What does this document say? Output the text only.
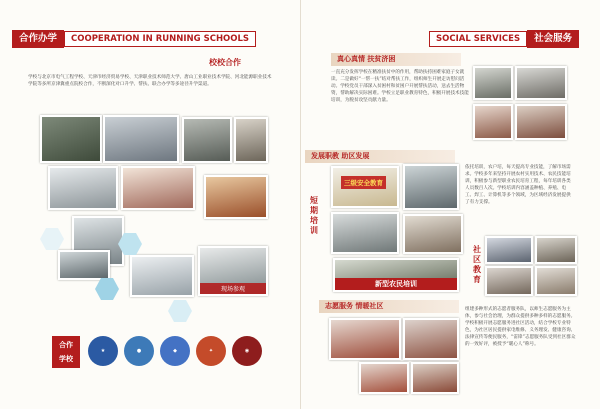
合作办学	COOPERATION IN RUNNING SCHOOLS
校校合作
学校与北京市电气工程学校、天津市经济贸易学校、天津职业技术师范大学、唐山工业职业技术学院、河北能源职业技术学院等多所京津冀重点院校合作，不断深化对口升学、帮扶、联合办学等多途径升学渠道。
现场参观
合作
学校
★	●	◆	✦	◉
SOCIAL SERVICES	社会服务
真心真情 扶贫济困
一直充分发挥学校在精准扶贫中的作用，帮助扶持困难家庭子女就读。二是做好“一帮一扶”结对帮扶工作，组织师生开展走访慰问活动。学校党员干部深入贫困村和贫困户开展帮扶活动，送去生活物资，帮助解决实际困难。学校立足职业教育特色，积极开展技术技能培训，为脱贫攻坚贡献力量。
发展职教 助区发展
短期
培训
三级安全教育
新型农民培训
依托培训，农户培，每天提高专业技能，了解市场需求。学校多年来坚持开展农村实用技术、农民技能培训，积极参与新型职业农民培育工程，每年培训各类人员数百人次。学校培训内容涵盖种植、养殖、电工、焊工、计算机等多个领域，为区域经济发展提供了有力支撑。
社区
教育
志愿服务 情暖社区	组建多种形式的志愿者服务队，以师生志愿服务为主体，参与社会治理，为群众提供多种多样的志愿服务。学校积极开展志愿服务进社区活动，结合学校专业特色，为社区居民提供家电维修、义务理发、健康咨询、法律宣传等便民服务，“雷锋”志愿服务队受到社区群众的一致好评，被授予“暖心人”称号。
